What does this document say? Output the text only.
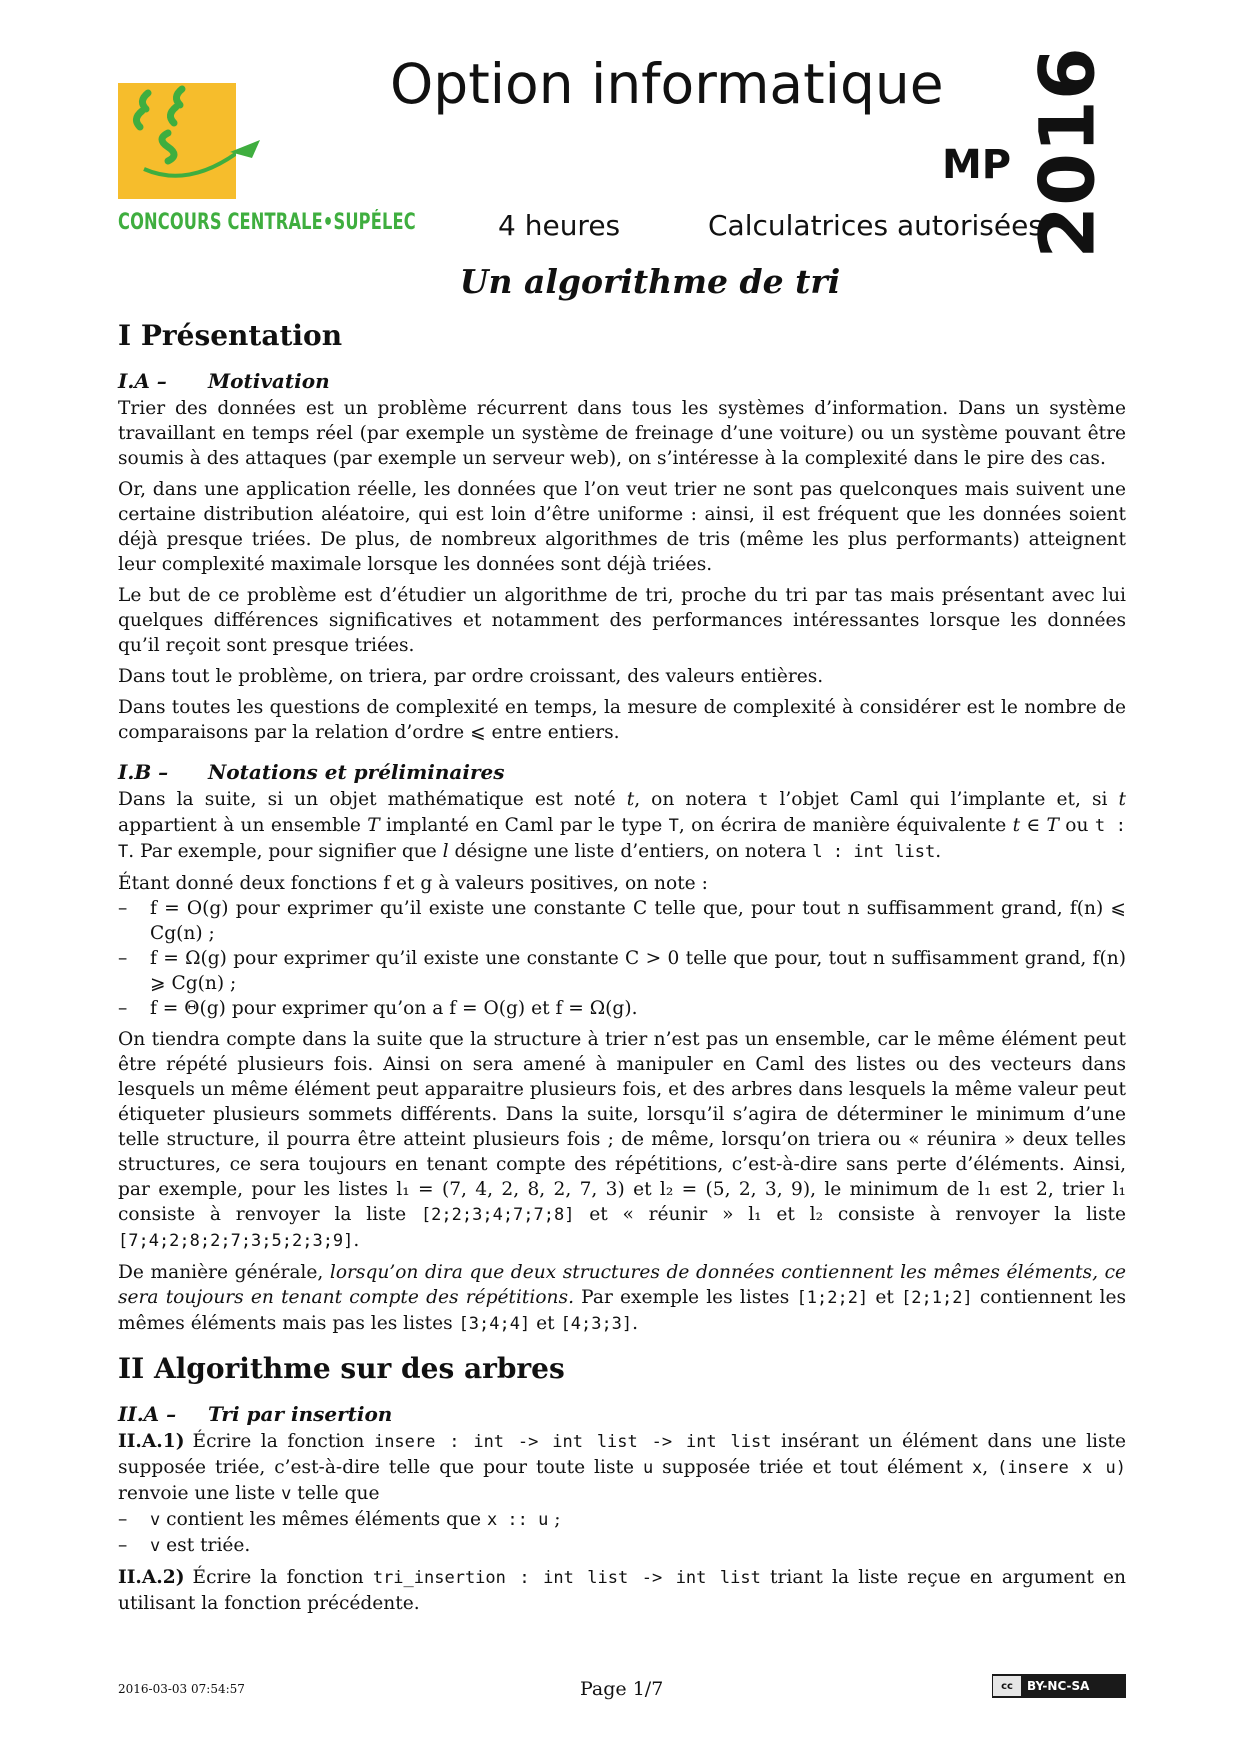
CONCOURS CENTRALE•SUPÉLEC
Option informatique
MP 2016
4 heures	Calculatrices autorisées
Un algorithme de tri
I Présentation
I.A – Motivation

Trier des données est un problème récurrent dans tous les systèmes d’information. Dans un système travaillant en temps réel (par exemple un système de freinage d’une voiture) ou un système pouvant être soumis à des attaques (par exemple un serveur web), on s’intéresse à la complexité dans le pire des cas.

Or, dans une application réelle, les données que l’on veut trier ne sont pas quelconques mais suivent une certaine distribution aléatoire, qui est loin d’être uniforme : ainsi, il est fréquent que les données soient déjà presque triées. De plus, de nombreux algorithmes de tris (même les plus performants) atteignent leur complexité maximale lorsque les données sont déjà triées.

Le but de ce problème est d’étudier un algorithme de tri, proche du tri par tas mais présentant avec lui quelques différences significatives et notamment des performances intéressantes lorsque les données qu’il reçoit sont presque triées.

Dans tout le problème, on triera, par ordre croissant, des valeurs entières.

Dans toutes les questions de complexité en temps, la mesure de complexité à considérer est le nombre de comparaisons par la relation d’ordre ⩽ entre entiers.

I.B – Notations et préliminaires

Dans la suite, si un objet mathématique est noté t, on notera t l’objet Caml qui l’implante et, si t appartient à un ensemble T implanté en Caml par le type T, on écrira de manière équivalente t ∈ T ou t : T. Par exemple, pour signifier que l désigne une liste d’entiers, on notera l : int list.

Étant donné deux fonctions f et g à valeurs positives, on note :

– f = O(g) pour exprimer qu’il existe une constante C telle que, pour tout n suffisamment grand, f(n) ⩽ Cg(n) ;
– f = Ω(g) pour exprimer qu’il existe une constante C > 0 telle que pour, tout n suffisamment grand, f(n) ⩾ Cg(n) ;
– f = Θ(g) pour exprimer qu’on a f = O(g) et f = Ω(g).

On tiendra compte dans la suite que la structure à trier n’est pas un ensemble, car le même élément peut être répété plusieurs fois. Ainsi on sera amené à manipuler en Caml des listes ou des vecteurs dans lesquels un même élément peut apparaitre plusieurs fois, et des arbres dans lesquels la même valeur peut étiqueter plusieurs sommets différents. Dans la suite, lorsqu’il s’agira de déterminer le minimum d’une telle structure, il pourra être atteint plusieurs fois ; de même, lorsqu’on triera ou « réunira » deux telles structures, ce sera toujours en tenant compte des répétitions, c’est-à-dire sans perte d’éléments. Ainsi, par exemple, pour les listes l₁ = (7, 4, 2, 8, 2, 7, 3) et l₂ = (5, 2, 3, 9), le minimum de l₁ est 2, trier l₁ consiste à renvoyer la liste [2;2;3;4;7;7;8] et « réunir » l₁ et l₂ consiste à renvoyer la liste [7;4;2;8;2;7;3;5;2;3;9].

De manière générale, lorsqu’on dira que deux structures de données contiennent les mêmes éléments, ce sera toujours en tenant compte des répétitions. Par exemple les listes [1;2;2] et [2;1;2] contiennent les mêmes éléments mais pas les listes [3;4;4] et [4;3;3].

II Algorithme sur des arbres
II.A – Tri par insertion

II.A.1) Écrire la fonction insere : int -> int list -> int list insérant un élément dans une liste supposée triée, c’est-à-dire telle que pour toute liste u supposée triée et tout élément x, (insere x u) renvoie une liste v telle que

– v contient les mêmes éléments que x :: u ;
– v est triée.

II.A.2) Écrire la fonction tri_insertion : int list -> int list triant la liste reçue en argument en utilisant la fonction précédente.

2016-03-03 07:54:57	Page 1/7	cc	BY-NC-SA
